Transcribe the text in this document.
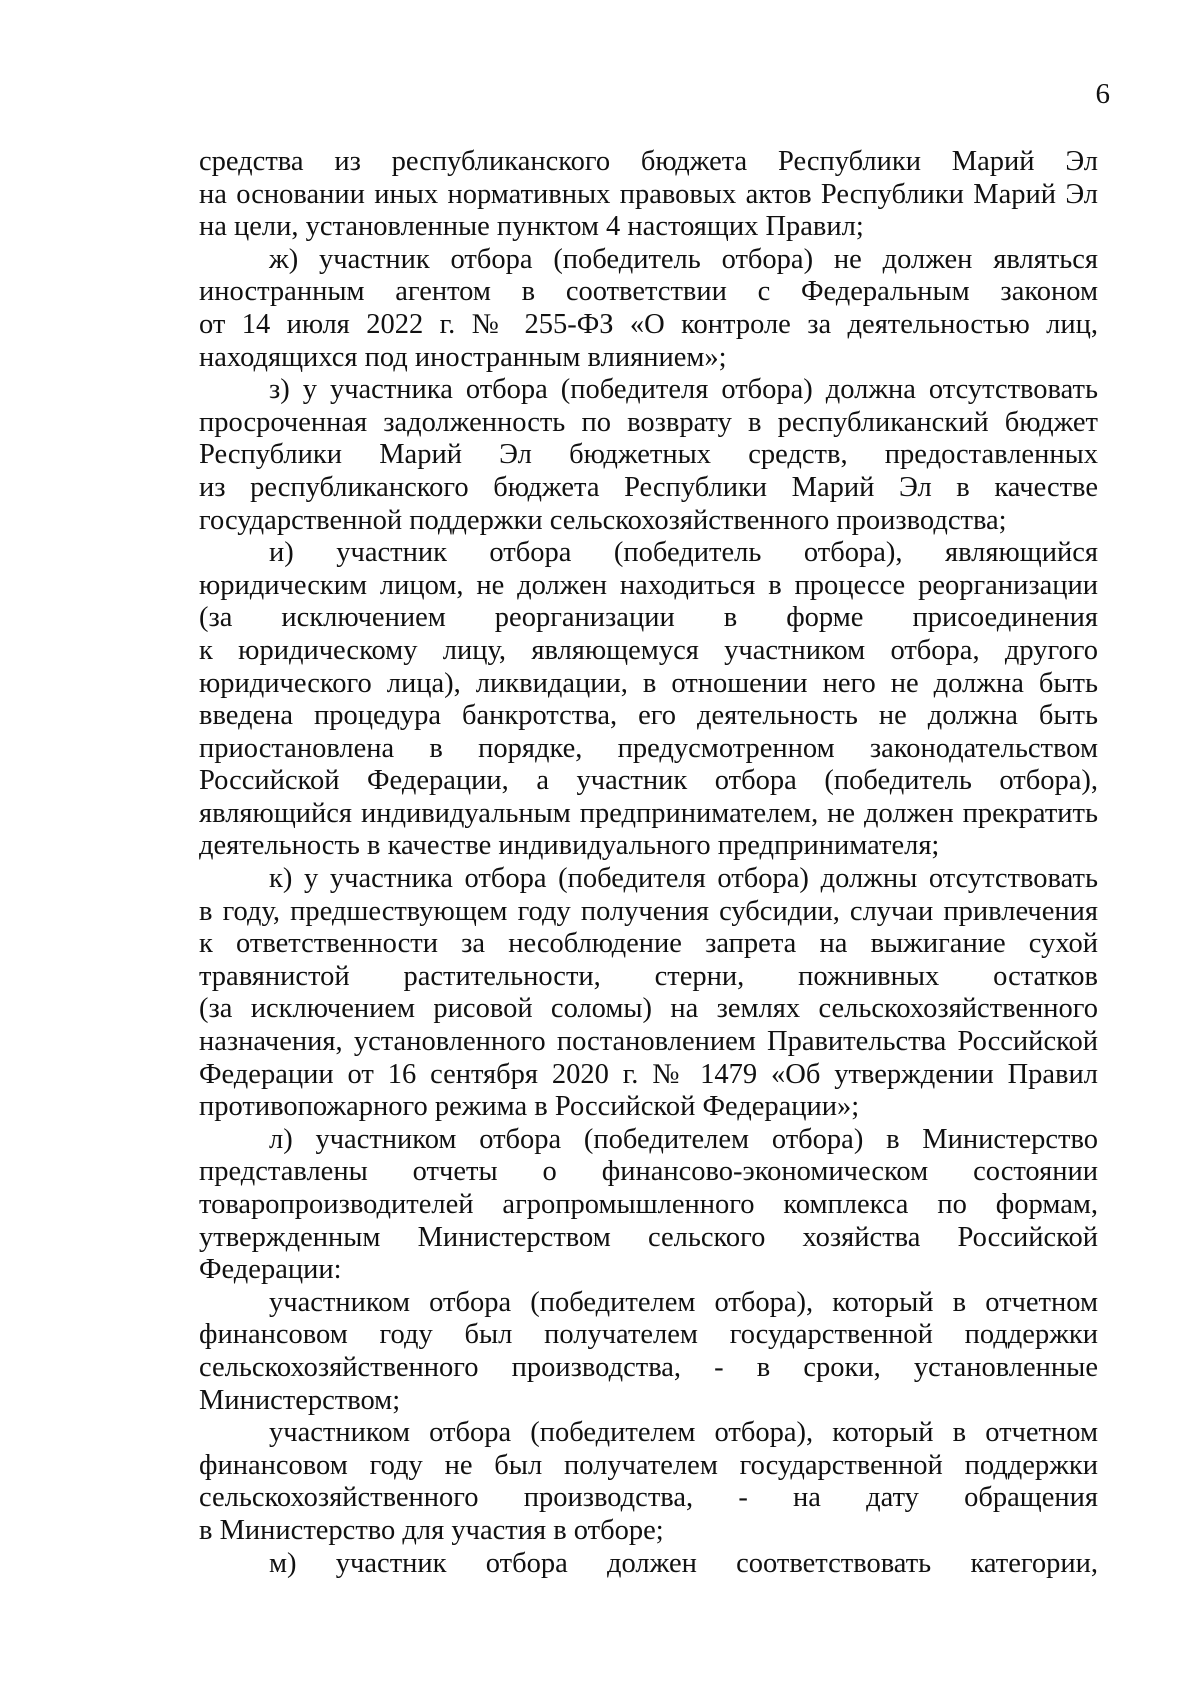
6
средства из республиканского бюджета Республики Марий Эл
на основании иных нормативных правовых актов Республики Марий Эл
на цели, установленные пунктом 4 настоящих Правил;
ж) участник отбора (победитель отбора) не должен являться
иностранным агентом в соответствии с Федеральным законом
от 14 июля 2022 г. № 255-ФЗ «О контроле за деятельностью лиц,
находящихся под иностранным влиянием»;
з) у участника отбора (победителя отбора) должна отсутствовать
просроченная задолженность по возврату в республиканский бюджет
Республики Марий Эл бюджетных средств, предоставленных
из республиканского бюджета Республики Марий Эл в качестве
государственной поддержки сельскохозяйственного производства;
и) участник отбора (победитель отбора), являющийся
юридическим лицом, не должен находиться в процессе реорганизации
(за исключением реорганизации в форме присоединения
к юридическому лицу, являющемуся участником отбора, другого
юридического лица), ликвидации, в отношении него не должна быть
введена процедура банкротства, его деятельность не должна быть
приостановлена в порядке, предусмотренном законодательством
Российской Федерации, а участник отбора (победитель отбора),
являющийся индивидуальным предпринимателем, не должен прекратить
деятельность в качестве индивидуального предпринимателя;
к) у участника отбора (победителя отбора) должны отсутствовать
в году, предшествующем году получения субсидии, случаи привлечения
к ответственности за несоблюдение запрета на выжигание сухой
травянистой растительности, стерни, пожнивных остатков
(за исключением рисовой соломы) на землях сельскохозяйственного
назначения, установленного постановлением Правительства Российской
Федерации от 16 сентября 2020 г. № 1479 «Об утверждении Правил
противопожарного режима в Российской Федерации»;
л) участником отбора (победителем отбора) в Министерство
представлены отчеты о финансово-экономическом состоянии
товаропроизводителей агропромышленного комплекса по формам,
утвержденным Министерством сельского хозяйства Российской
Федерации:
участником отбора (победителем отбора), который в отчетном
финансовом году был получателем государственной поддержки
сельскохозяйственного производства, - в сроки, установленные
Министерством;
участником отбора (победителем отбора), который в отчетном
финансовом году не был получателем государственной поддержки
сельскохозяйственного производства, - на дату обращения
в Министерство для участия в отборе;
м) участник отбора должен соответствовать категории,
